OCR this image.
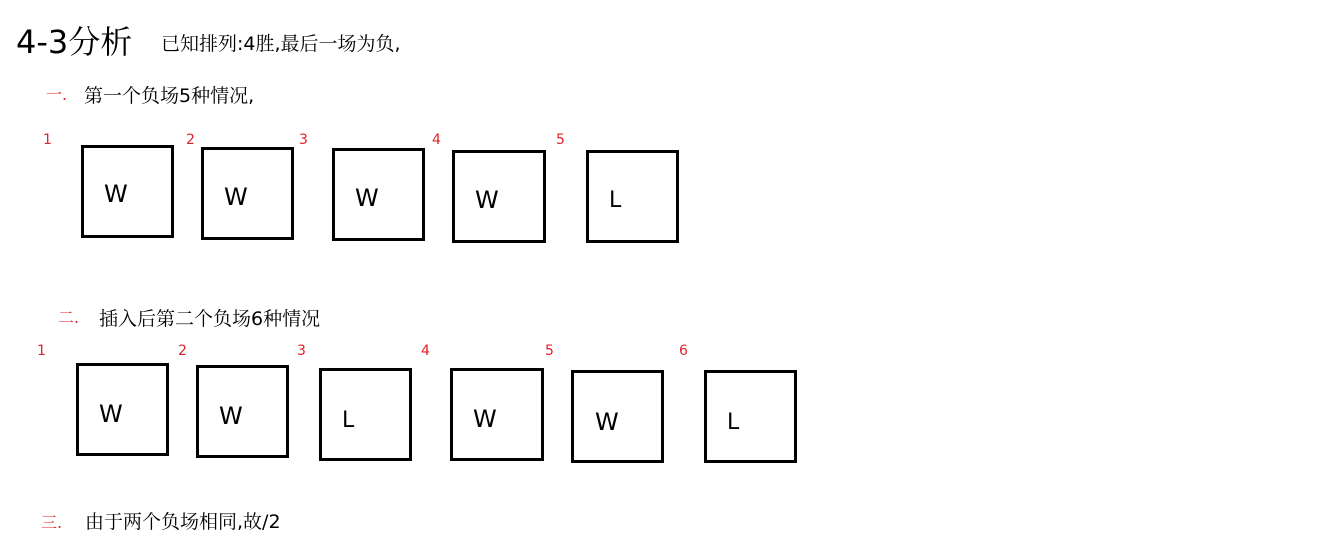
4-3分析 已知排列:4胜,最后一场为负,
一. 第一个负场5种情况,
1	2	3	4	5
W	W	W	W	L
二. 插入后第二个负场6种情况
1	2	3	4	5	6
W	W	L	W	W	L
三. 由于两个负场相同,故/2
